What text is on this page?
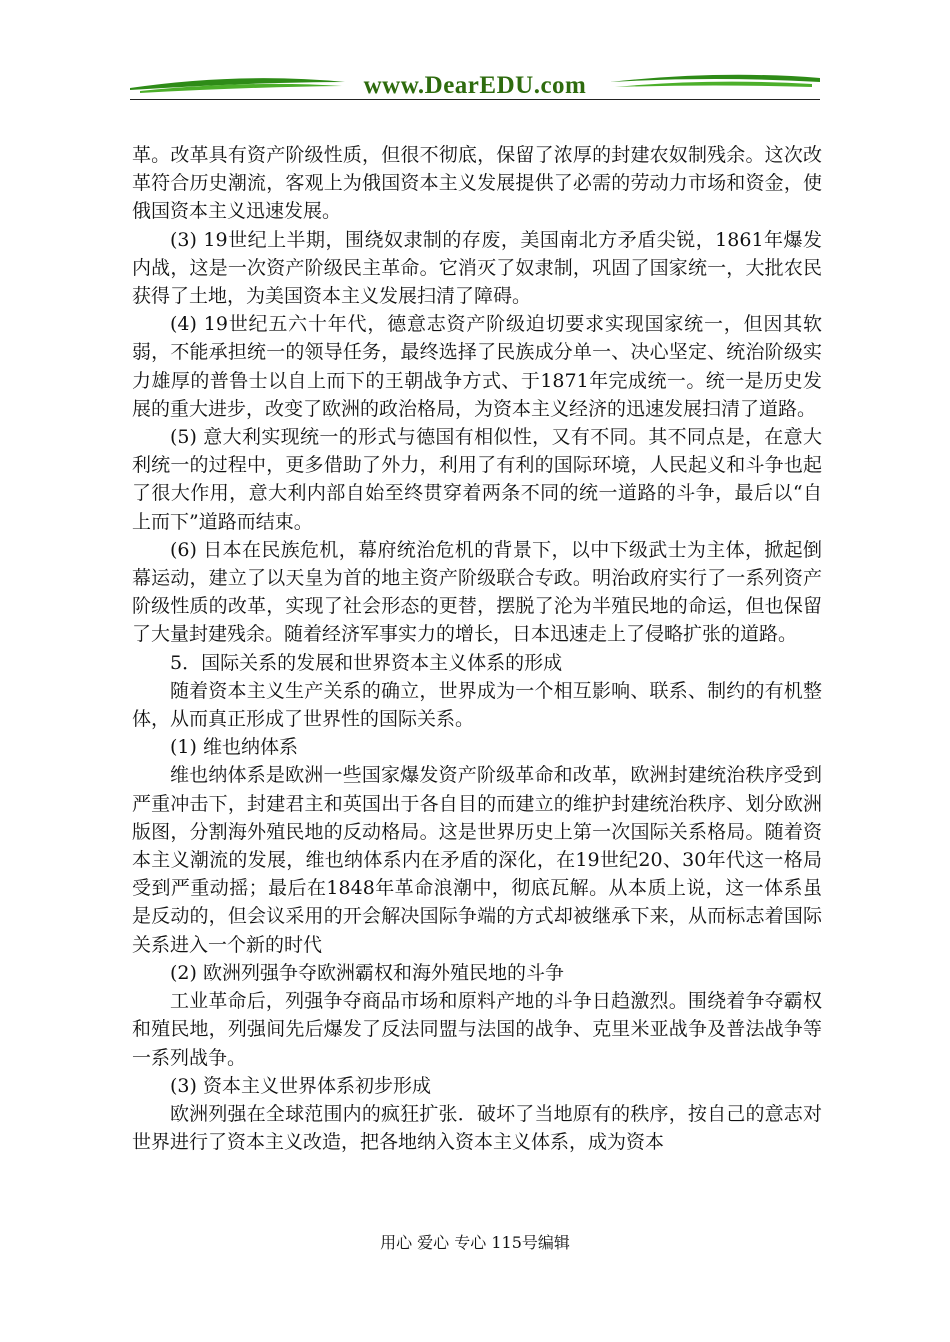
www.DearEDU.com

革。改革具有资产阶级性质，但很不彻底，保留了浓厚的封建农奴制残余。这次改革符合历史潮流，客观上为俄国资本主义发展提供了必需的劳动力市场和资金，使俄国资本主义迅速发展。

(3) 19世纪上半期，围绕奴隶制的存废，美国南北方矛盾尖锐，1861年爆发内战，这是一次资产阶级民主革命。它消灭了奴隶制，巩固了国家统一，大批农民获得了土地，为美国资本主义发展扫清了障碍。

(4) 19世纪五六十年代，德意志资产阶级迫切要求实现国家统一，但因其软弱，不能承担统一的领导任务，最终选择了民族成分单一、决心坚定、统治阶级实力雄厚的普鲁士以自上而下的王朝战争方式、于1871年完成统一。统一是历史发展的重大进步，改变了欧洲的政治格局，为资本主义经济的迅速发展扫清了道路。

(5) 意大利实现统一的形式与德国有相似性，又有不同。其不同点是，在意大利统一的过程中，更多借助了外力，利用了有利的国际环境，人民起义和斗争也起了很大作用，意大利内部自始至终贯穿着两条不同的统一道路的斗争，最后以“自上而下”道路而结束。

(6) 日本在民族危机，幕府统治危机的背景下，以中下级武士为主体，掀起倒幕运动，建立了以天皇为首的地主资产阶级联合专政。明治政府实行了一系列资产阶级性质的改革，实现了社会形态的更替，摆脱了沦为半殖民地的命运，但也保留了大量封建残余。随着经济军事实力的增长，日本迅速走上了侵略扩张的道路。

5．国际关系的发展和世界资本主义体系的形成

随着资本主义生产关系的确立，世界成为一个相互影响、联系、制约的有机整体，从而真正形成了世界性的国际关系。

(1) 维也纳体系

维也纳体系是欧洲一些国家爆发资产阶级革命和改革，欧洲封建统治秩序受到严重冲击下，封建君主和英国出于各自目的而建立的维护封建统治秩序、划分欧洲版图，分割海外殖民地的反动格局。这是世界历史上第一次国际关系格局。随着资本主义潮流的发展，维也纳体系内在矛盾的深化，在19世纪20、30年代这一格局受到严重动摇；最后在1848年革命浪潮中，彻底瓦解。从本质上说，这一体系虽是反动的，但会议采用的开会解决国际争端的方式却被继承下来，从而标志着国际关系进入一个新的时代

(2) 欧洲列强争夺欧洲霸权和海外殖民地的斗争

工业革命后，列强争夺商品市场和原料产地的斗争日趋激烈。围绕着争夺霸权和殖民地，列强间先后爆发了反法同盟与法国的战争、克里米亚战争及普法战争等一系列战争。

(3) 资本主义世界体系初步形成

欧洲列强在全球范围内的疯狂扩张．破坏了当地原有的秩序，按自己的意志对世界进行了资本主义改造，把各地纳入资本主义体系，成为资本

用心 爱心 专心 115号编辑
